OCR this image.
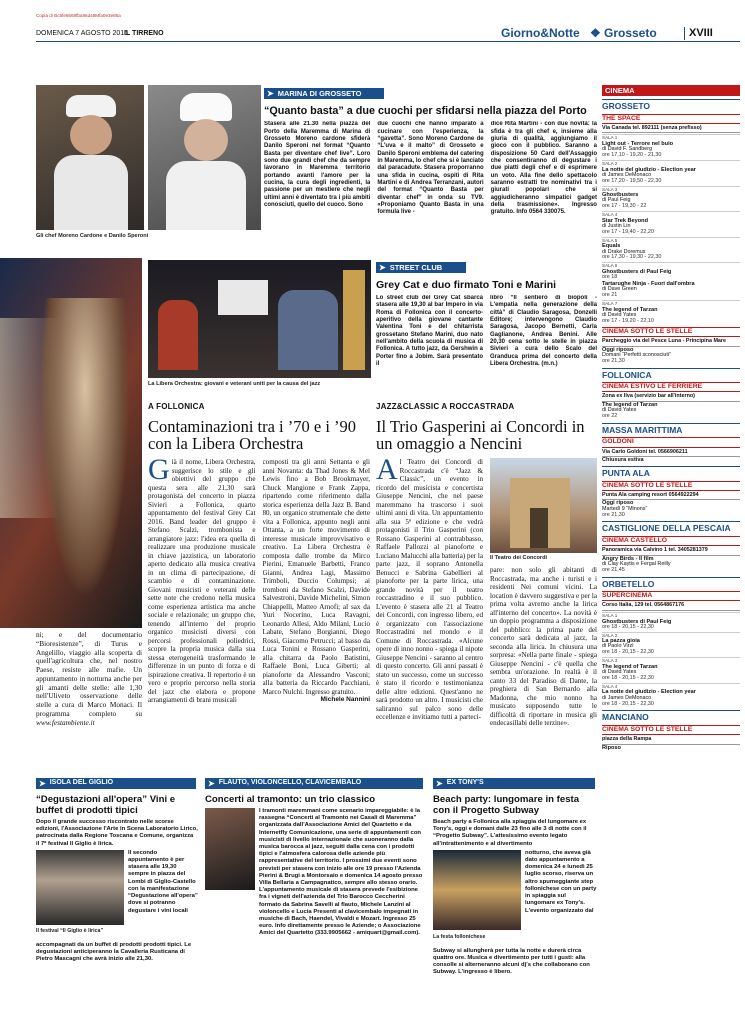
Copia di Bc8fe6669fba96d48Mfa0e3e85a
DOMENICA 7 AGOSTO 2016
IL TIRRENO	Giorno&Notte ❖ Grosseto	XVIII
Gli chef Moreno Cardone e Danilo Speroni
➤ MARINA DI GROSSETO
“Quanto basta” a due cuochi per sfidarsi nella piazza del Porto
Stasera alle 21.30 nella piazza del Porto della Maremma di Marina di Grosseto Moreno cardone sfiderà Danilo Speroni nel format “Quanto Basta per diventare chef live”. Loro sono due grandi chef che da sempre lavorano in Maremma territorio portando avanti l'amore per la cucina, la cura degli ingredienti, la passione per un mestiere che negli ultimi anni è diventato tra i più ambiti conosciuti, quello del cuoco. Sono
due cuochi che hanno imparato a cucinare con l'esperienza, la “gavetta”. Sono Moreno Cardone de “L'uva e il malto” di Grosseto e Danilo Speroni emblema del catering in Maremma, lo chef che si è lanciato dal paracadute. Stasera proporranno una sfida in cucina, ospiti di Rita Martini e di Andrea Terranzani, autori del format “Quanto Basta per diventar chef” in onda su TV9. «Proponiamo Quanto Basta in una formula live -
dice Rita Martini - con due novità: la sfida è tra gli chef e, insieme alla giuria di qualità, aggiungiamo il gioco con il pubblico. Saranno a disposizione 50 Card dell'Assaggio che consentiranno di degustare i due piatti degli chef e di esprimere un voto. Alla fine dello spettacolo saranno estratti tre nominativi tra i giurati popolari che si aggiudicheranno simpatici gadget della trasmissione». Ingresso gratuito. Info 0564 330075.
ni; e del documentario “Bioresistenze”, di Turus e Angelillo, viaggio alla scoperta di quell'agricoltura che, nel nostro Paese, resiste alle mafie. Un appuntamento in notturna anche per gli amanti delle stelle: alle 1,30 nell'Uliveto osservazione delle stelle a cura di Marco Monaci. Il programma completo su www.festambiente.it
La Libera Orchestra: giovani e veterani uniti per la causa del jazz
➤ STREET CLUB
Grey Cat e duo firmato Toni e Marini
Lo street club del Grey Cat sbarca stasera alle 19,30 al bar Impero in via Roma di Follonica con il concerto-aperitivo della giovane cantante Valentina Toni e del chitarrista grossetano Stefano Marini, duo nato nell'ambito della scuola di musica di Follonica. A tutto jazz, da Gershwin a Porter fino a Jobim. Sarà presentato il
libro “Il sentiero di biopoli - L'empatia nella generazione della città” di Claudio Saragosa, Donzelli Editore; intervengono Claudio Saragosa, Jacopo Bernetti, Carla Gaglianone, Andrea Benini. Alle 20,30 cena sotto le stelle in piazza Sivieri a cura dello Scalo del Granduca prima del concerto della Libera Orchestra. (m.n.)
A FOLLONICA
Contaminazioni tra i ’70 e i ’90 con la Libera Orchestra
Già il nome, Libera Orchestra, suggerisce lo stile e gli obiettivi del gruppo che questa sera alle 21,30 sarà protagonista del concerto in piazza Sivieri a Follonica, quarto appuntamento del festival Grey Cat 2016. Band leader del gruppo è Stefano Scalzi, trombonista e arrangiatore jazz: l'idea era quella di realizzare una produzione musicale in chiave jazzistica, un laboratorio aperto dedicato alla musica creativa in un clima di partecipazione, di scambio e di contaminazione. Giovani musicisti e veterani delle sette note che credono nella musica come esperienza artistica ma anche sociale e relazionale; un gruppo che, tenendo all'interno del proprio organico musicisti diversi con percorsi professionali poliedrici, scopre la propria musica dalla sua stessa eterogeneità trasformando le differenze in un punto di forza e di ispirazione creativa. Il repertorio è un vero e proprio percorso nella storia del jazz che elabora e propone arrangiamenti di brani musicali
composti tra gli anni Settanta e gli anni Novanta: da Thad Jones & Mel Lewis fino a Bob Brookmayer, Chuck Mangione e Frank Zappa, ripartendo come riferimento dalla storica esperienza della Jazz B. Band 80, un organico strumentale che dette vita a Follonica, appunto negli anni Ottanta, a un forte movimento di interesse musicale improvvisativo e creativo. La Libera Orchestra è composta dalle trombe da Mirco Pierini, Emanuele Barbetti, Franco Gianni, Andrea Lagi, Massimo Trimboli, Duccio Columpsi; ai tromboni da Stefano Scalzi, Davide Salvestroni, Davide Michelini, Simon Chiappelli, Matteo Arnofi; al sax da Yuri Nocerino, Luca Ravagni, Leonardo Allesi, Aldo Milani, Lucio Labate, Stefano Borgianni, Diego Rossi, Giacomo Petrucci; al basso da Luca Tonini e Rossano Gasperini, alla chitarra da Paolo Batistini, Raffaele Boni, Luca Giberti; al pianoforte da Alessandro Vasconi; alla batteria da Riccardo Pacchiani, Marco Nulchi. Ingresso gratuito.
Michele Nannini
JAZZ&CLASSIC A ROCCASTRADA
Il Trio Gasperini ai Concordi in un omaggio a Nencini
Al Teatro dei Concordi di Roccastrada c'è “Jazz & Classic”, un evento in ricordo del musicista e concertista Giuseppe Nencini, che nel paese maremmano ha trascorso i suoi ultimi anni di vita. Un appuntamento alla sua 5ª edizione e che vedrà protagonisti il Trio Gasperini (con Rossano Gasperini al contrabbasso, Raffaele Pallozzi al pianoforte e Luciano Malucchi alla batteria) per la parte jazz, il soprano Antonella Benucci e Sabrina Gabellieri al pianoforte per la parte lirica, una grande novità per il teatro roccastradino e il suo pubblico. L'evento è stasera alle 21 al Teatro dei Concordi, con ingresso libero, ed è organizzato con l'associazione Roccastradini nel mondo e il Comune di Roccastrada. «Alcune opere di inno nonno - spiega il nipote Giuseppe Nencini - saranno al centro di questo concerto. Gli anni passati è stato un successo, come un successo è stato il ricordo e testimonianza delle altre edizioni. Quest'anno ne sarà prodotto un altro. I musicisti che saliranno sul palco sono delle eccellenze e invitiamo tutti a parteci-
Il Teatro dei Concordi
pare: non solo gli abitanti di Roccastrada, ma anche i turisti e i residenti Nei comuni vicini. La location è davvero suggestiva e per la prima volta avremo anche la lirica all'interno del concerto». La novità è un doppio programma a disposizione del pubblico: la prima parte del concerto sarà dedicata al jazz, la seconda alla lirica. In chiusura una sorpresa: «Nella parte finale - spiega Giuseppe Nencini - c'è quella che sembra un'orazione. In realtà è il canto 33 del Paradiso di Dante, la preghiera di San Bernardo alla Madonna, che mio nonno ha musicato supposendo tutte le difficoltà di riportare in musica gli endecasillabi delle terzine».
➤ ISOLA DEL GIGLIO
“Degustazioni all'opera” Vini e buffet di prodotti tipici
Dopo il grande successo riscontrato nelle scorse edizioni, l'Associazione l'Arte in Scena Laboratorio Lirico, patrocinata dalla Regione Toscana e Comune, organizza il 7º festival Il Giglio è lirica.
Il festival “Il Giglio è lirica”
Il secondo appuntamento è per stasera alle 19,30 sempre in piazza del Lombi di Giglio-Castello con la manifestazione “Degustazione all'opera” dove si potranno degustare i vini locali
accompagnati da un buffet di prodotti prodotti tipici. Le degustazioni anticiperanno la Cavalleria Rusticana di Pietro Mascagni che avrà inizio alle 21,30.
➤ FLAUTO, VIOLONCELLO, CLAVICEMBALO
Concerti al tramonto: un trio classico
I tramonti maremmani come scenario impareggiabile: è la rassegna “Concerti al Tramonto nei Casali di Maremma” organizzata dall'Associazione Amici del Quartetto e da Internetfly Comunicazione, una serie di appuntamenti con musicisti di livello internazionale che suoneranno dalla musica barocca al jazz, seguiti dalla cena con i prodotti tipici e l'atmosfera calorosa delle aziende più rappresentative del territorio. I prossimi due eventi sono previsti per stasera con inizio alle ore 19 presso l'Azienda Pierini & Brugi a Montorsaio e domenica 14 agosto presso Villa Bellaria a Campagnatico, sempre allo stesso orario. L'appuntamento musicale di stasera prevede l'esibizione fra i vigneti dell'azienda del Trio Barocco Ceccherini formato da Sabrina Savelli al flauto, Michele Lanzini al violoncello e Lucia Presenti al clavicembalo impegnati in musiche di Bach, Haendel, Vivaldi e Mozart. Ingresso 25 euro. Info direttamente presso le Aziende; o Associazione Amici del Quartetto (333.9905662 - amiquart@gmail.com).
➤ EX TONY'S
Beach party: lungomare in festa con il Progetto Subway
Beach party a Follonica alla spiaggia del lungomare ex Tony's, oggi e domani dalle 23 fino alle 3 di notte con il “Progetto Subway”. L'attesissimo evento legato all'intrattenimento e al divertimento
La festa follonichese
notturno, che aveva già dato appuntamento a domenica 24 e lunedì 25 luglio scorso, riserva un altro spumeggiante step follonichese con un party in spiaggia sul lungomare ex Tony's. L'evento organizzato dal
Subway si allungherà per tutta la notte e durerà circa quattro ore. Musica e divertimento per tutti i gusti: alla consolle si alterneranno alcuni dj's che collaborano con Subway. L'ingresso è libero.
CINEMA
GROSSETO
THE SPACE
Via Canada tel. 892111 (senza prefisso)
SALA 1
Light out - Terrore nel buio
di David F. Sandberg
ore 17,10 - 19,20 - 21,30
SALA 2
La notte del giudizio - Election year
di James DeMonaco
ore 17,20 - 19,50 - 22,30
SALA 3
Ghostbusters
di Paul Feig
ore 17 - 19,30 - 22
SALA 4
Star Trek Beyond
di Justin Lin
ore 17 - 19,40 - 22,20
SALA 5
Equals
di Drake Doremus
ore 17,30 - 19,30 - 22,30
SALA 6
Ghostbusters di Paul Feig
ore 18
Tartarughe Ninja - Fuori dall'ombra
di Dave Green
ore 21
SALA 7
The legend of Tarzan
di David Yates
ore 17 - 19,20 - 22,10
CINEMA SOTTO LE STELLE
Parcheggio via del Pesce Luna - Principina Mare
Oggi riposo
Domani “Perfetti sconosciuti”
ore 21,30
FOLLONICA
CINEMA ESTIVO LE FERRIERE
Zona ex Ilva (servizio bar all'interno)
The legend of Tarzan
di David Yates
ore 22
MASSA MARITTIMA
GOLDONI
Via Carlo Goldoni tel. 0566906211
Chiusura estiva
PUNTA ALA
CINEMA SOTTO LE STELLE
Punta Ala camping resort 0564922294
Oggi riposo
Martedì 9 “Minons”
ore 21,30
CASTIGLIONE DELLA PESCAIA
CINEMA CASTELLO
Panoramica via Calvino 1 tel. 3405281379
Angry Birds - Il film
di Clay Kaytis e Fergal Reilly
ore 21,45
ORBETELLO
SUPERCINEMA
Corso Italia, 129 tel. 0564867176
SALA 1
Ghostbusters di Paul Feig
ore 18 - 20,15 - 22,30
SALA 2
La pazza gioia
di Paolo Virzì
ore 18 - 20,15 - 22,30
SALA 3
The legend of Tarzan
di David Yates
ore 18 - 20,15 - 22,30
SALA 4
La notte del giudizio - Election year
di James DeMonaco
ore 18 - 20,15 - 22,30
MANCIANO
CINEMA SOTTO LE STELLE
piazza della Rampa
Riposo
